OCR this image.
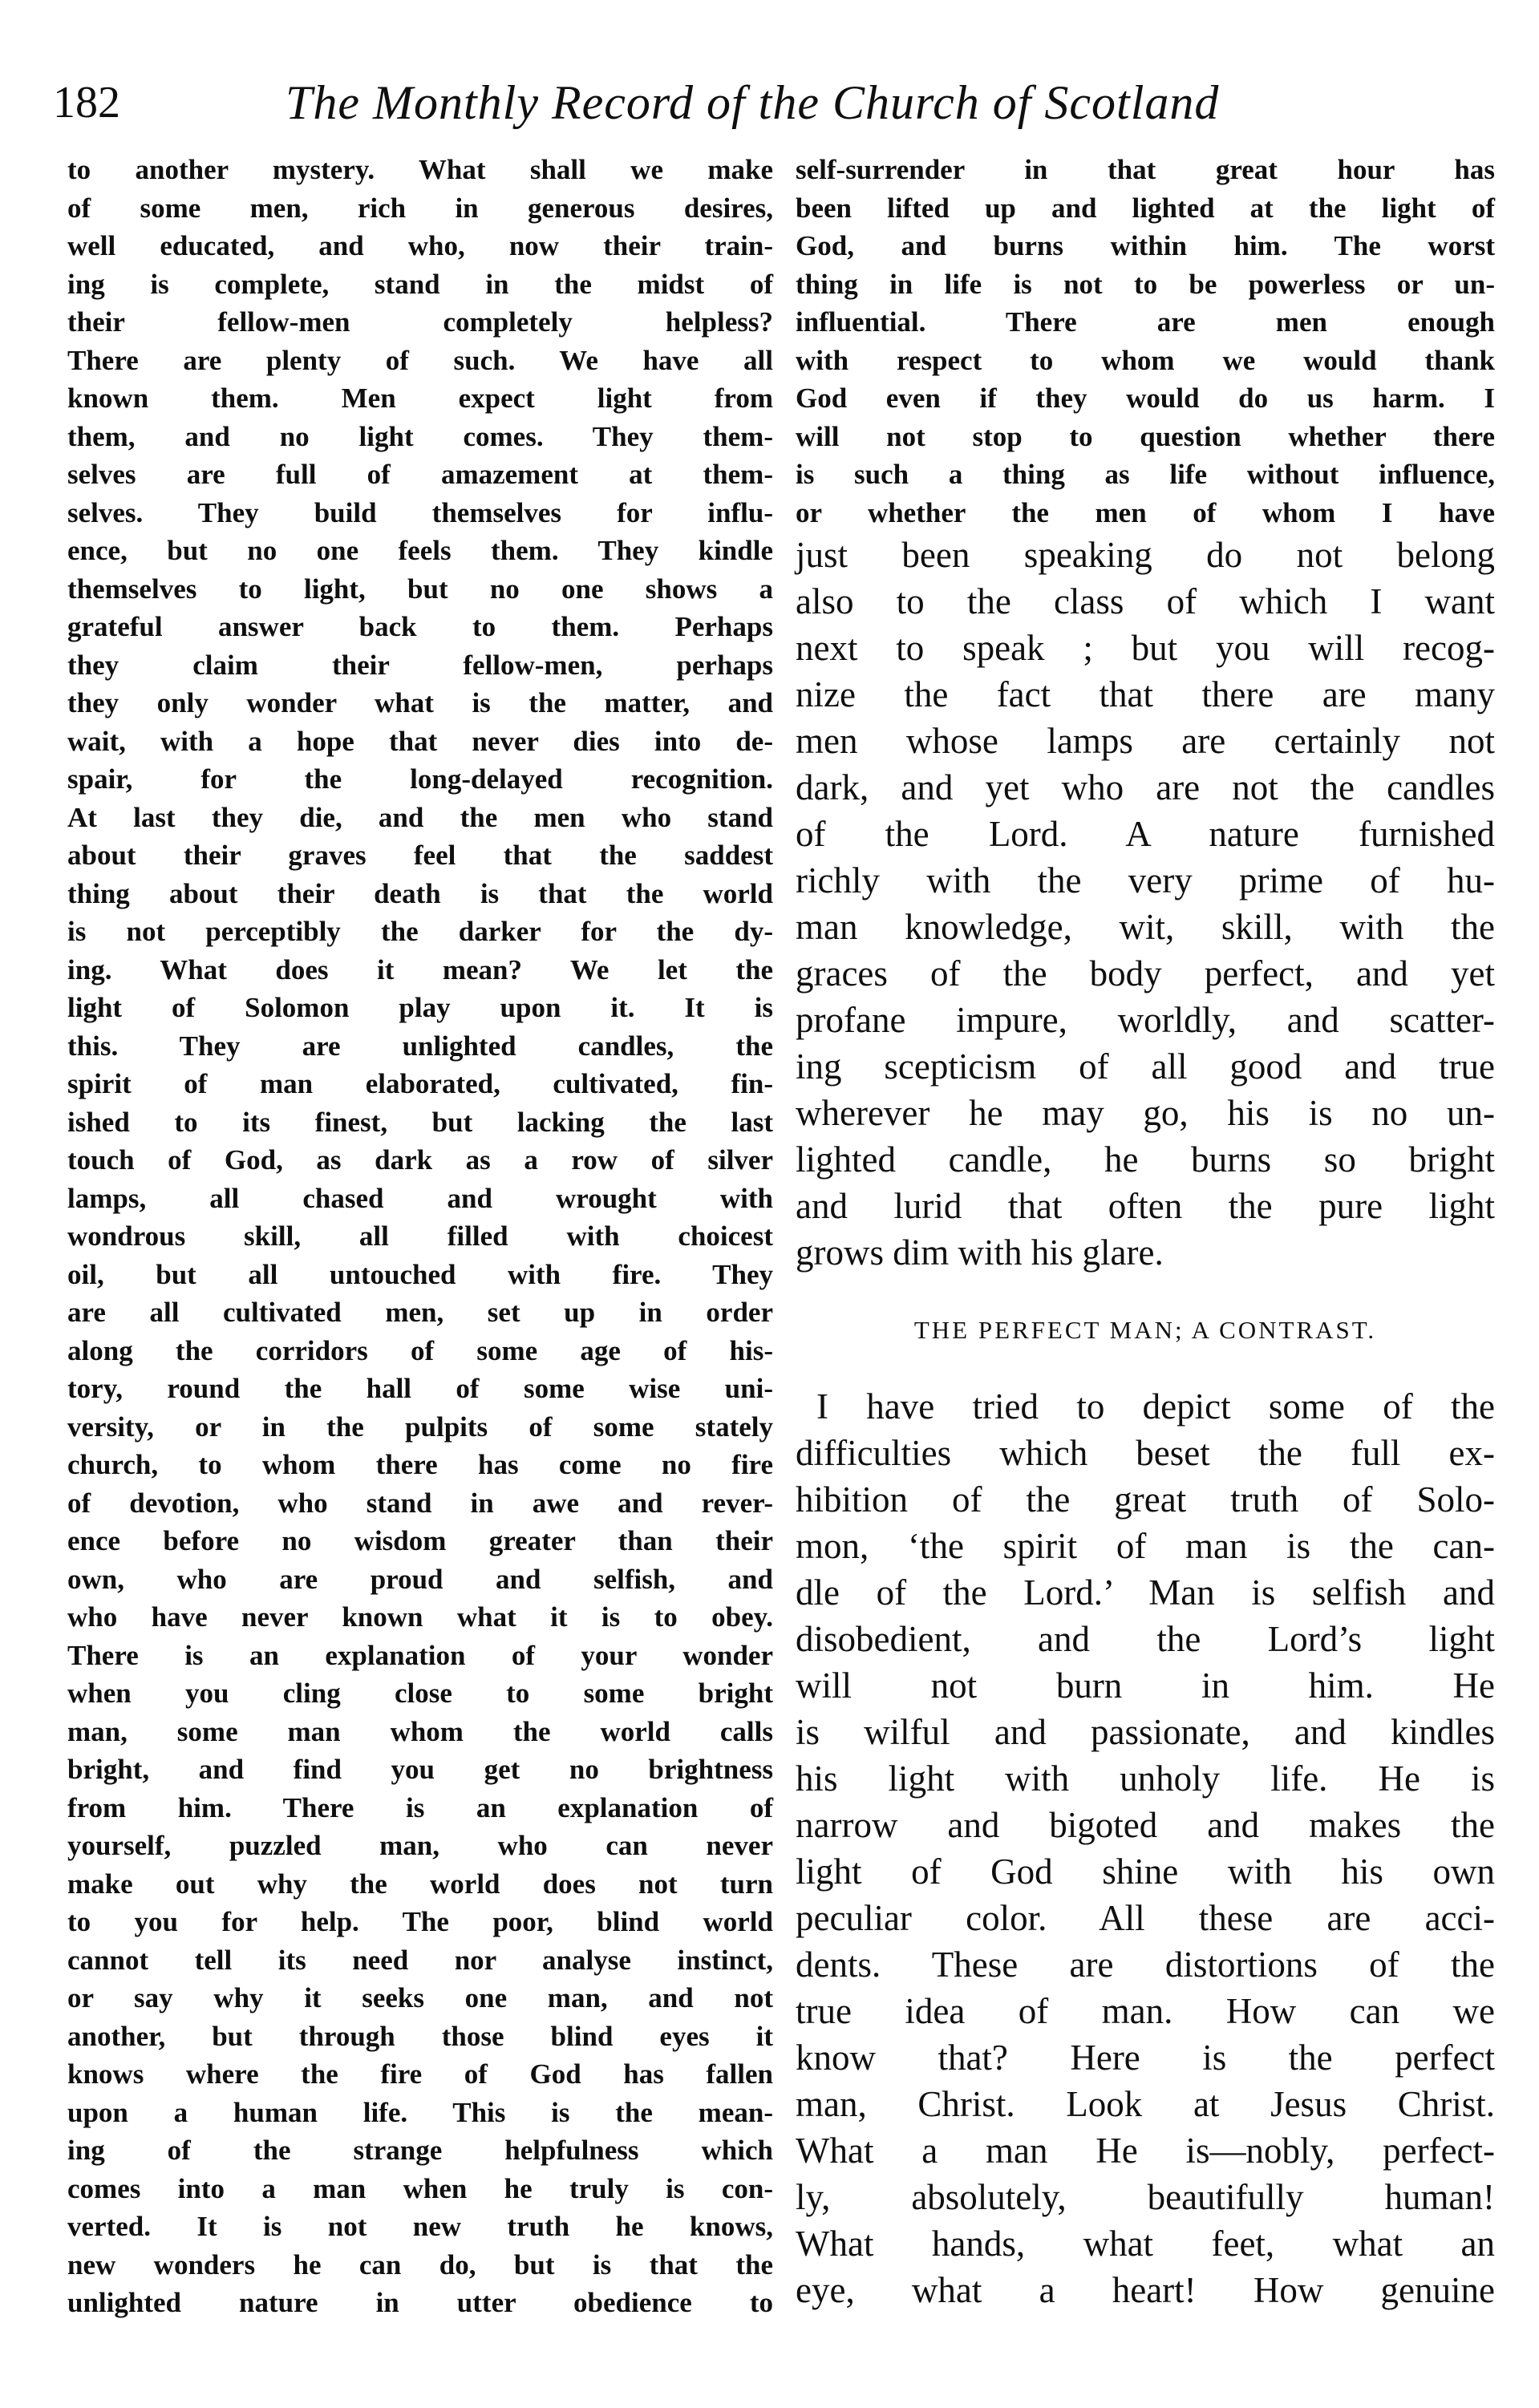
182	The Monthly Record of the Church of Scotland
to another mystery. What shall we make
of some men, rich in generous desires,
well educated, and who, now their train-
ing is complete, stand in the midst of
their fellow-men completely helpless?
There are plenty of such. We have all
known them. Men expect light from
them, and no light comes. They them-
selves are full of amazement at them-
selves. They build themselves for influ-
ence, but no one feels them. They kindle
themselves to light, but no one shows a
grateful answer back to them. Perhaps
they claim their fellow-men, perhaps
they only wonder what is the matter, and
wait, with a hope that never dies into de-
spair, for the long-delayed recognition.
At last they die, and the men who stand
about their graves feel that the saddest
thing about their death is that the world
is not perceptibly the darker for the dy-
ing. What does it mean? We let the
light of Solomon play upon it. It is
this. They are unlighted candles, the
spirit of man elaborated, cultivated, fin-
ished to its finest, but lacking the last
touch of God, as dark as a row of silver
lamps, all chased and wrought with
wondrous skill, all filled with choicest
oil, but all untouched with fire. They
are all cultivated men, set up in order
along the corridors of some age of his-
tory, round the hall of some wise uni-
versity, or in the pulpits of some stately
church, to whom there has come no fire
of devotion, who stand in awe and rever-
ence before no wisdom greater than their
own, who are proud and selfish, and
who have never known what it is to obey.
There is an explanation of your wonder
when you cling close to some bright
man, some man whom the world calls
bright, and find you get no brightness
from him. There is an explanation of
yourself, puzzled man, who can never
make out why the world does not turn
to you for help. The poor, blind world
cannot tell its need nor analyse instinct,
or say why it seeks one man, and not
another, but through those blind eyes it
knows where the fire of God has fallen
upon a human life. This is the mean-
ing of the strange helpfulness which
comes into a man when he truly is con-
verted. It is not new truth he knows,
new wonders he can do, but is that the
unlighted nature in utter obedience to
self-surrender in that great hour has
been lifted up and lighted at the light of
God, and burns within him. The worst
thing in life is not to be powerless or un-
influential. There are men enough
with respect to whom we would thank
God even if they would do us harm. I
will not stop to question whether there
is such a thing as life without influence,
or whether the men of whom I have
just been speaking do not belong
also to the class of which I want
next to speak ; but you will recog-
nize the fact that there are many
men whose lamps are certainly not
dark, and yet who are not the candles
of the Lord. A nature furnished
richly with the very prime of hu-
man knowledge, wit, skill, with the
graces of the body perfect, and yet
profane impure, worldly, and scatter-
ing scepticism of all good and true
wherever he may go, his is no un-
lighted candle, he burns so bright
and lurid that often the pure light
grows dim with his glare.
THE PERFECT MAN; A CONTRAST.
I have tried to depict some of the
difficulties which beset the full ex-
hibition of the great truth of Solo-
mon, ‘the spirit of man is the can-
dle of the Lord.’ Man is selfish and
disobedient, and the Lord’s light
will not burn in him. He
is wilful and passionate, and kindles
his light with unholy life. He is
narrow and bigoted and makes the
light of God shine with his own
peculiar color. All these are acci-
dents. These are distortions of the
true idea of man. How can we
know that? Here is the perfect
man, Christ. Look at Jesus Christ.
What a man He is—nobly, perfect-
ly, absolutely, beautifully human!
What hands, what feet, what an
eye, what a heart! How genuine
